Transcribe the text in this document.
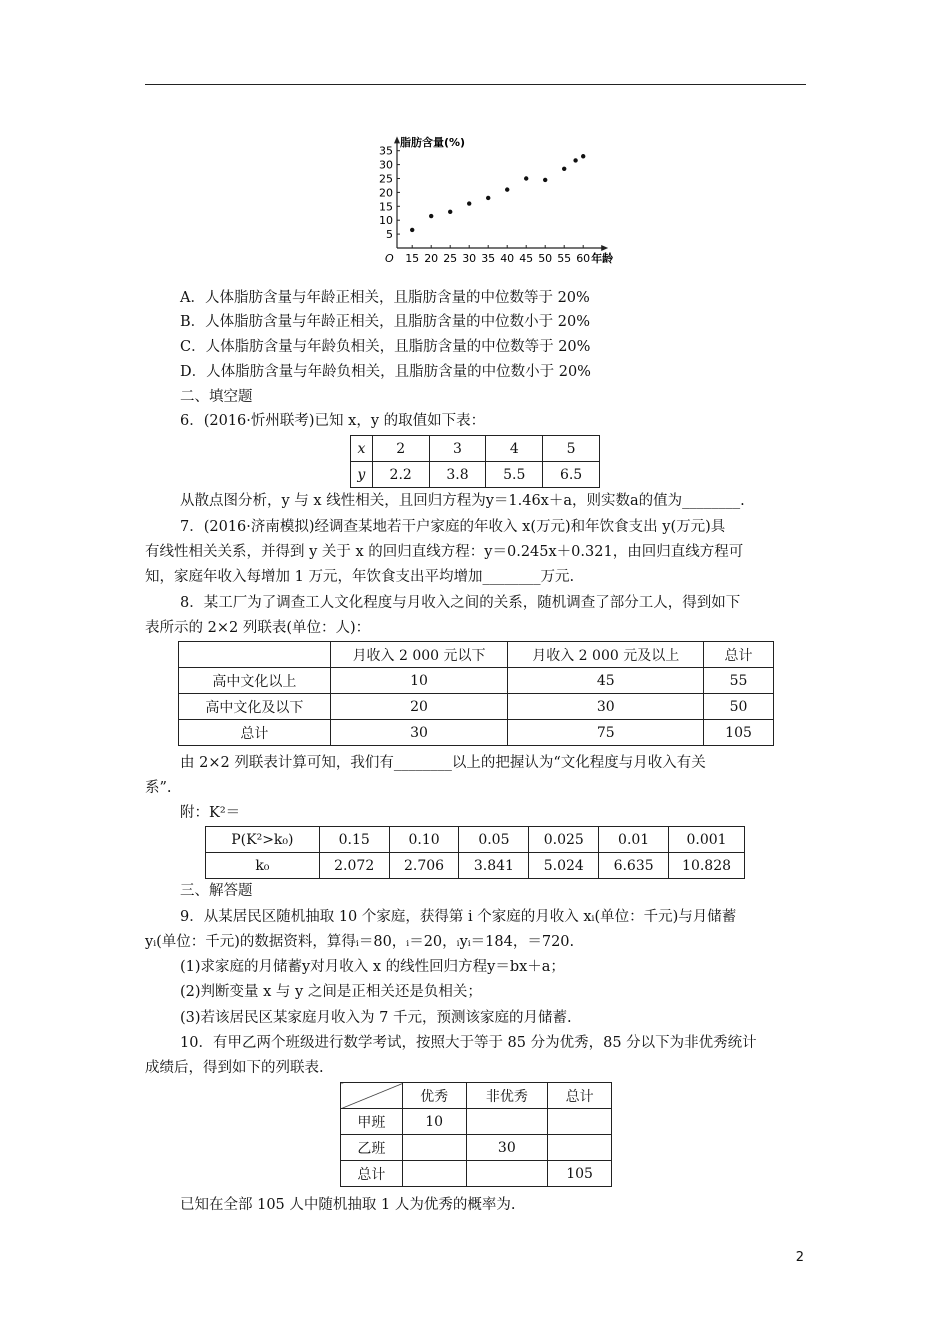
5
10
15
20
25
30
35
15 20 25 30 35 40 45 50 55 60
O
脂肪含量(%)
年龄
A．人体脂肪含量与年龄正相关，且脂肪含量的中位数等于 20%
B．人体脂肪含量与年龄正相关，且脂肪含量的中位数小于 20%
C．人体脂肪含量与年龄负相关，且脂肪含量的中位数等于 20%
D．人体脂肪含量与年龄负相关，且脂肪含量的中位数小于 20%
二、填空题
6．(2016·忻州联考)已知 x，y 的取值如下表：
x	2	3	4	5
y	2.2	3.8	5.5	6.5
从散点图分析，y 与 x 线性相关，且回归方程为y＝1.46x＋a，则实数a的值为________.
7．(2016·济南模拟)经调查某地若干户家庭的年收入 x(万元)和年饮食支出 y(万元)具
有线性相关关系，并得到 y 关于 x 的回归直线方程：y＝0.245x＋0.321，由回归直线方程可
知，家庭年收入每增加 1 万元，年饮食支出平均增加________万元.
8．某工厂为了调查工人文化程度与月收入之间的关系，随机调查了部分工人，得到如下
表所示的 2×2 列联表(单位：人)：
	月收入 2 000 元以下	月收入 2 000 元及以上	总计
高中文化以上	10	45	55
高中文化及以下	20	30	50
总计	30	75	105
由 2×2 列联表计算可知，我们有________以上的把握认为“文化程度与月收入有关
系”.
附：K²＝
P(K²>k₀)	0.15	0.10	0.05	0.025	0.01	0.001
k₀	2.072	2.706	3.841	5.024	6.635	10.828
三、解答题
9．从某居民区随机抽取 10 个家庭，获得第 i 个家庭的月收入 xᵢ(单位：千元)与月储蓄
yᵢ(单位：千元)的数据资料，算得ᵢ＝80，ᵢ＝20，ᵢyᵢ＝184，＝720.
(1)求家庭的月储蓄y对月收入 x 的线性回归方程y＝bx＋a；
(2)判断变量 x 与 y 之间是正相关还是负相关；
(3)若该居民区某家庭月收入为 7 千元，预测该家庭的月储蓄.
10．有甲乙两个班级进行数学考试，按照大于等于 85 分为优秀，85 分以下为非优秀统计
成绩后，得到如下的列联表.
	优秀	非优秀	总计
甲班	10		
乙班		30	
总计			105
已知在全部 105 人中随机抽取 1 人为优秀的概率为.
2
